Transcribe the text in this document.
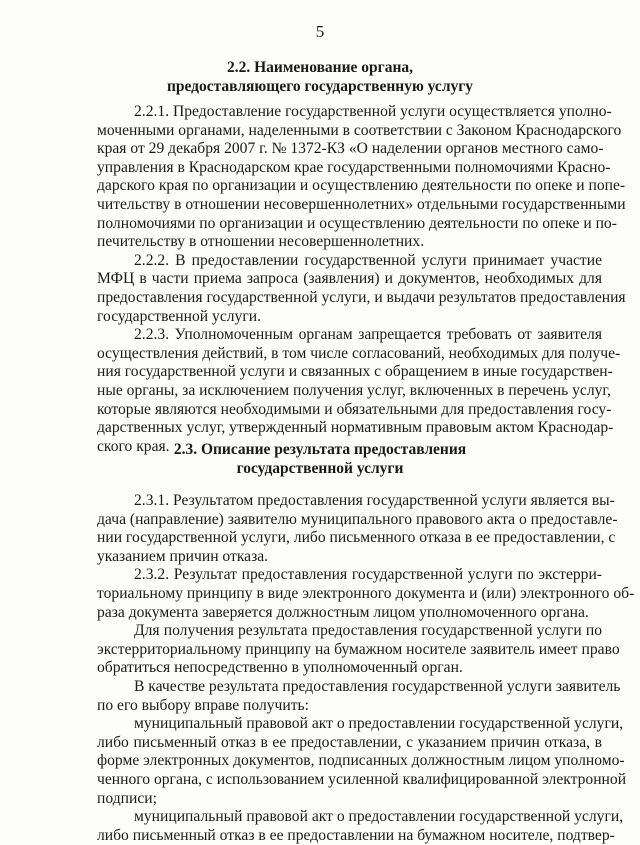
5
2.2. Наименование органа,
предоставляющего государственную услугу
2.2.1. Предоставление государственной услуги осуществляется уполно-
моченными органами, наделенными в соответствии с Законом Краснодарского
края от 29 декабря 2007 г. № 1372-КЗ «О наделении органов местного само-
управления в Краснодарском крае государственными полномочиями Красно-
дарского края по организации и осуществлению деятельности по опеке и попе-
чительству в отношении несовершеннолетних» отдельными государственными
полномочиями по организации и осуществлению деятельности по опеке и по-
печительству в отношении несовершеннолетних.
2.2.2. В предоставлении государственной услуги принимает участие
МФЦ в части приема запроса (заявления) и документов, необходимых для
предоставления государственной услуги, и выдачи результатов предоставления
государственной услуги.
2.2.3. Уполномоченным органам запрещается требовать от заявителя
осуществления действий, в том числе согласований, необходимых для получе-
ния государственной услуги и связанных с обращением в иные государствен-
ные органы, за исключением получения услуг, включенных в перечень услуг,
которые являются необходимыми и обязательными для предоставления госу-
дарственных услуг, утвержденный нормативным правовым актом Краснодар-
ского края. 2.3. Описание результата предоставления
государственной услуги
2.3.1. Результатом предоставления государственной услуги является вы-
дача (направление) заявителю муниципального правового акта о предоставле-
нии государственной услуги, либо письменного отказа в ее предоставлении, с
указанием причин отказа.
2.3.2. Результат предоставления государственной услуги по экстерри-
ториальному принципу в виде электронного документа и (или) электронного об-
раза документа заверяется должностным лицом уполномоченного органа.
Для получения результата предоставления государственной услуги по
экстерриториальному принципу на бумажном носителе заявитель имеет право
обратиться непосредственно в уполномоченный орган.
В качестве результата предоставления государственной услуги заявитель
по его выбору вправе получить:
муниципальный правовой акт о предоставлении государственной услуги,
либо письменный отказ в ее предоставлении, с указанием причин отказа, в
форме электронных документов, подписанных должностным лицом уполномо-
ченного органа, с использованием усиленной квалифицированной электронной
подписи;
муниципальный правовой акт о предоставлении государственной услуги,
либо письменный отказ в ее предоставлении на бумажном носителе, подтвер-
